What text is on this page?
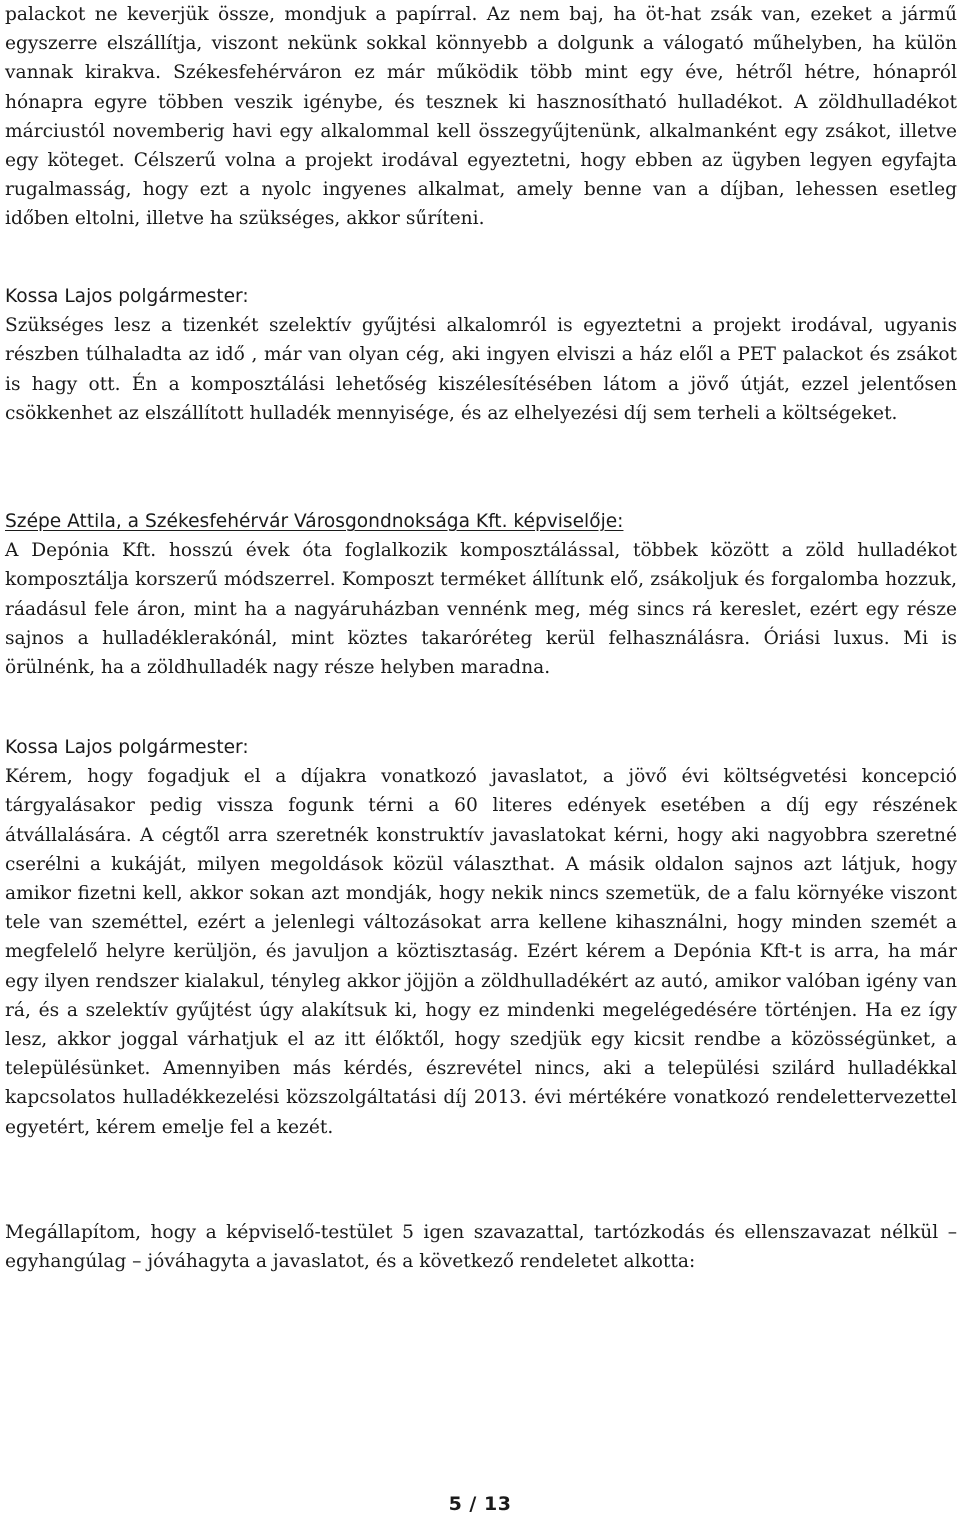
palackot ne keverjük össze, mondjuk a papírral. Az nem baj, ha öt-hat zsák van, ezeket a jármű egyszerre elszállítja, viszont nekünk sokkal könnyebb a dolgunk a válogató műhelyben, ha külön vannak kirakva. Székesfehérváron ez már működik több mint egy éve, hétről hétre, hónapról hónapra egyre többen veszik igénybe, és tesznek ki hasznosítható hulladékot. A zöldhulladékot márciustól novemberig havi egy alkalommal kell összegyűjtenünk, alkalmanként egy zsákot, illetve egy köteget. Célszerű volna a projekt irodával egyeztetni, hogy ebben az ügyben legyen egyfajta rugalmasság, hogy ezt a nyolc ingyenes alkalmat, amely benne van a díjban, lehessen esetleg időben eltolni, illetve ha szükséges, akkor sűríteni.

Kossa Lajos polgármester:

Szükséges lesz a tizenkét szelektív gyűjtési alkalomról is egyeztetni a projekt irodával, ugyanis részben túlhaladta az idő , már van olyan cég, aki ingyen elviszi a ház elől a PET palackot és zsákot is hagy ott. Én a komposztálási lehetőség kiszélesítésében látom a jövő útját, ezzel jelentősen csökkenhet az elszállított hulladék mennyisége, és az elhelyezési díj sem terheli a költségeket.

Szépe Attila, a Székesfehérvár Városgondnoksága Kft. képviselője:

A Depónia Kft. hosszú évek óta foglalkozik komposztálással, többek között a zöld hulladékot komposztálja korszerű módszerrel. Komposzt terméket állítunk elő, zsákoljuk és forgalomba hozzuk, ráadásul fele áron, mint ha a nagyáruházban vennénk meg, még sincs rá kereslet, ezért egy része sajnos a hulladéklerakónál, mint köztes takaróréteg kerül felhasználásra. Óriási luxus. Mi is örülnénk, ha a zöldhulladék nagy része helyben maradna.

Kossa Lajos polgármester:

Kérem, hogy fogadjuk el a díjakra vonatkozó javaslatot, a jövő évi költségvetési koncepció tárgyalásakor pedig vissza fogunk térni a 60 literes edények esetében a díj egy részének átvállalására. A cégtől arra szeretnék konstruktív javaslatokat kérni, hogy aki nagyobbra szeretné cserélni a kukáját, milyen megoldások közül választhat. A másik oldalon sajnos azt látjuk, hogy amikor fizetni kell, akkor sokan azt mondják, hogy nekik nincs szemetük, de a falu környéke viszont tele van szeméttel, ezért a jelenlegi változásokat arra kellene kihasználni, hogy minden szemét a megfelelő helyre kerüljön, és javuljon a köztisztaság. Ezért kérem a Depónia Kft-t is arra, ha már egy ilyen rendszer kialakul, tényleg akkor jöjjön a zöldhulladékért az autó, amikor valóban igény van rá, és a szelektív gyűjtést úgy alakítsuk ki, hogy ez mindenki megelégedésére történjen. Ha ez így lesz, akkor joggal várhatjuk el az itt élőktől, hogy szedjük egy kicsit rendbe a közösségünket, a településünket. Amennyiben más kérdés, észrevétel nincs, aki a települési szilárd hulladékkal kapcsolatos hulladékkezelési közszolgáltatási díj 2013. évi mértékére vonatkozó rendelettervezettel egyetért, kérem emelje fel a kezét.

Megállapítom, hogy a képviselő-testület 5 igen szavazattal, tartózkodás és ellenszavazat nélkül – egyhangúlag – jóváhagyta a javaslatot, és a következő rendeletet alkotta:

5 / 13
